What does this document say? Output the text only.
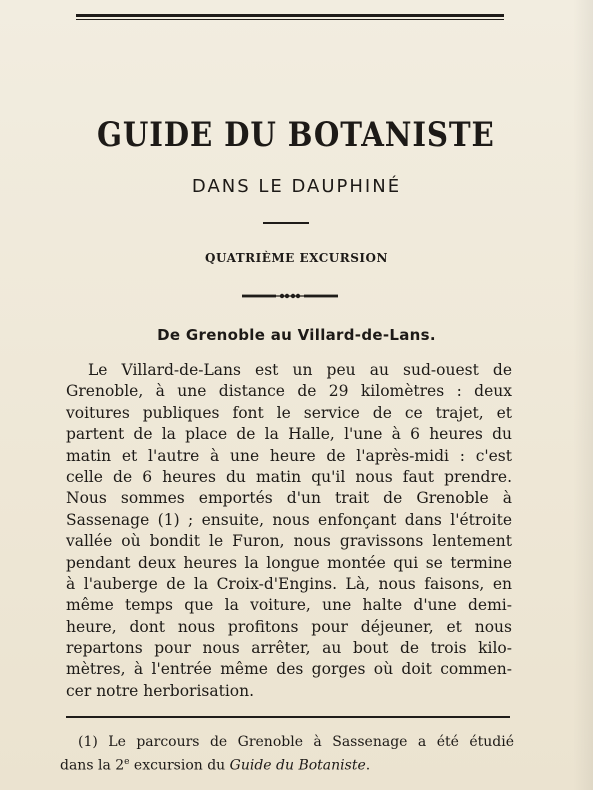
GUIDE DU BOTANISTE
DANS LE DAUPHINÉ
QUATRIÈME EXCURSION
De Grenoble au Villard-de-Lans.
Le Villard-de-Lans est un peu au sud-ouest de
Grenoble, à une distance de 29 kilomètres : deux
voitures publiques font le service de ce trajet, et
partent de la place de la Halle, l'une à 6 heures du
matin et l'autre à une heure de l'après-midi : c'est
celle de 6 heures du matin qu'il nous faut prendre.
Nous sommes emportés d'un trait de Grenoble à
Sassenage (1) ; ensuite, nous enfonçant dans l'étroite
vallée où bondit le Furon, nous gravissons lentement
pendant deux heures la longue montée qui se termine
à l'auberge de la Croix-d'Engins. Là, nous faisons, en
même temps que la voiture, une halte d'une demi-
heure, dont nous profitons pour déjeuner, et nous
repartons pour nous arrêter, au bout de trois kilo-
mètres, à l'entrée même des gorges où doit commen-
cer notre herborisation.
(1) Le parcours de Grenoble à Sassenage a été étudié
dans la 2e excursion du Guide du Botaniste.
